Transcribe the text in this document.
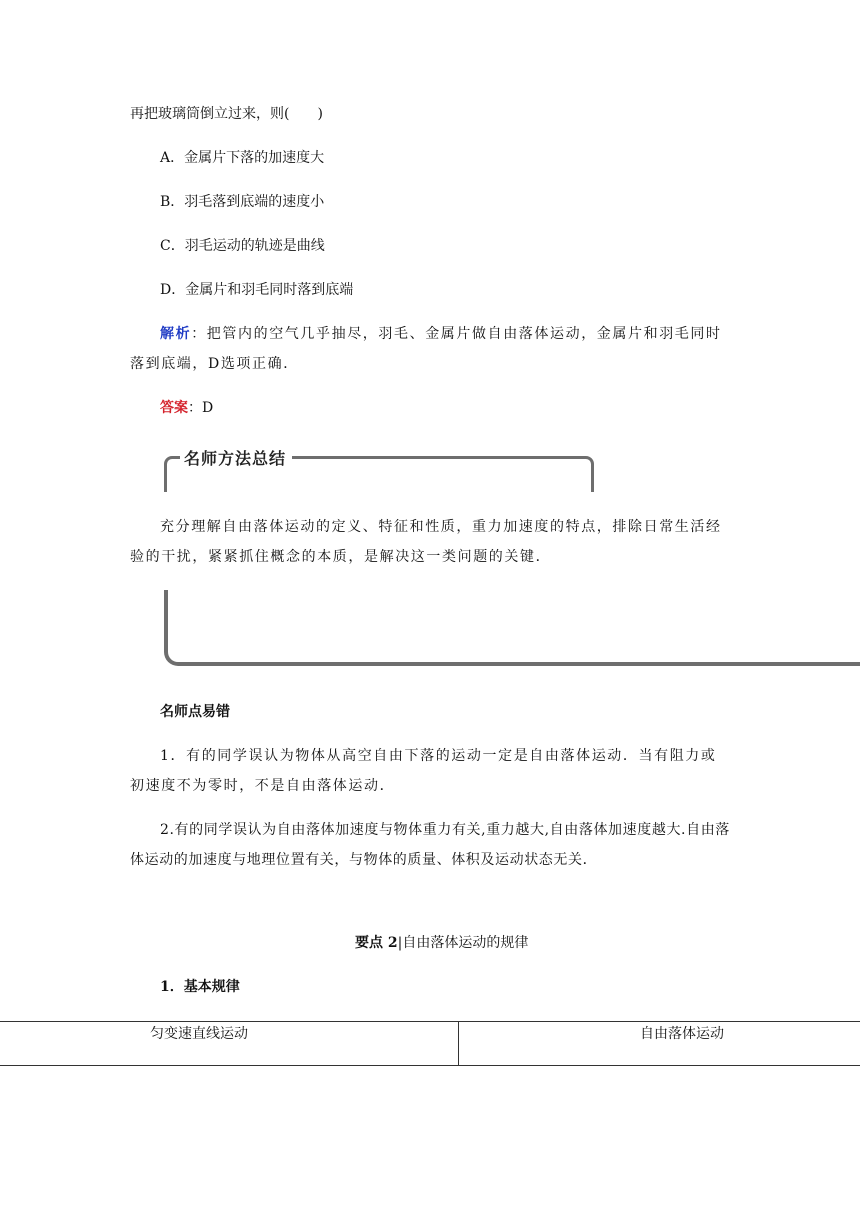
再把玻璃筒倒立过来，则(　　)
A．金属片下落的加速度大
B．羽毛落到底端的速度小
C．羽毛运动的轨迹是曲线
D．金属片和羽毛同时落到底端
解析：把管内的空气几乎抽尽，羽毛、金属片做自由落体运动，金属片和羽毛同时落到底端，D选项正确．
答案：D
名师方法总结
充分理解自由落体运动的定义、特征和性质，重力加速度的特点，排除日常生活经验的干扰，紧紧抓住概念的本质，是解决这一类问题的关键．
名师点易错
1．有的同学误认为物体从高空自由下落的运动一定是自由落体运动．当有阻力或初速度不为零时，不是自由落体运动．
2.有的同学误认为自由落体加速度与物体重力有关,重力越大,自由落体加速度越大.自由落体运动的加速度与地理位置有关，与物体的质量、体积及运动状态无关．
要点 2|自由落体运动的规律
1．基本规律
匀变速直线运动	自由落体运动
